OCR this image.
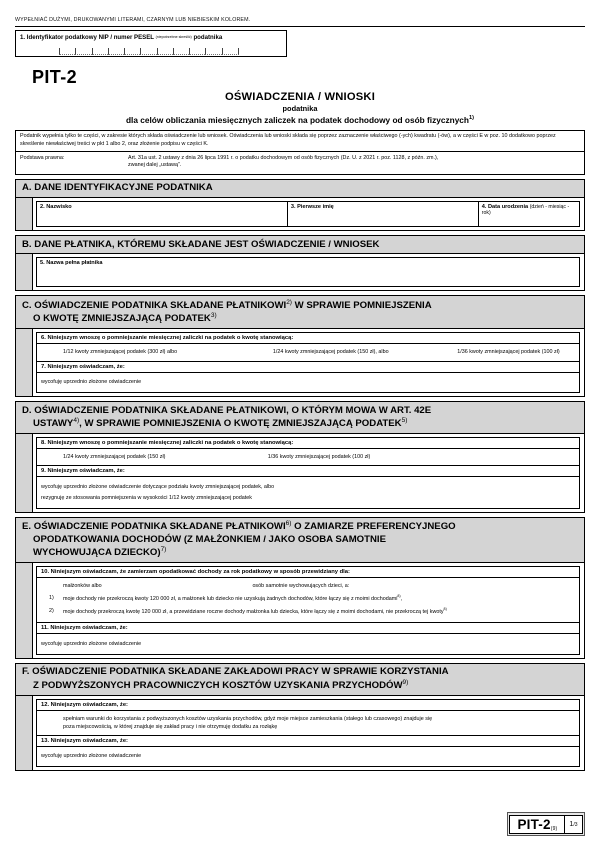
WYPEŁNIAĆ DUŻYMI, DRUKOWANYMI LITERAMI, CZARNYM LUB NIEBIESKIM KOLOREM.
1. Identyfikator podatkowy NIP / numer PESEL (niepotrzebne skreślić) podatnika
PIT-2
OŚWIADCZENIA / WNIOSKI
podatnika
dla celów obliczania miesięcznych zaliczek na podatek dochodowy od osób fizycznych$^{1)}$
Podatnik wypełnia tylko te części, w zakresie których składa oświadczenie lub wniosek. Oświadczenia lub wnioski składa się poprzez zaznaczenie właściwego (-ych) kwadratu (-ów), a w części E w poz. 10 dodatkowo poprzez skreślenie niewłaściwej treści w pkt 1 albo 2, oraz złożenie podpisu w części K.
Podstawa prawna:	Art. 31a ust. 2 ustawy z dnia 26 lipca 1991 r. o podatku dochodowym od osób fizycznych (Dz. U. z 2021 r. poz. 1128, z późn. zm.),
zwanej dalej „ustawą”.
A. DANE IDENTYFIKACYJNE PODATNIKA
2. Nazwisko	3. Pierwsze imię	4. Data urodzenia (dzień - miesiąc - rok)
B. DANE PŁATNIKA, KTÓREMU SKŁADANE JEST OŚWIADCZENIE / WNIOSEK
5. Nazwa pełna płatnika
C. OŚWIADCZENIE PODATNIKA SKŁADANE PŁATNIKOWI$^{2)}$ W SPRAWIE POMNIEJSZENIA
O KWOTĘ ZMNIEJSZAJĄCĄ PODATEK$^{3)}$
6. Niniejszym wnoszę o pomniejszanie miesięcznej zaliczki na podatek o kwotę stanowiącą:
1/12 kwoty zmniejszającej podatek (300 zł) albo	1/24 kwoty zmniejszającej podatek (150 zł), albo	1/36 kwoty zmniejszającej podatek (100 zł)
7. Niniejszym oświadczam, że:
wycofuję uprzednio złożone oświadczenie
D. OŚWIADCZENIE PODATNIKA SKŁADANE PŁATNIKOWI, O KTÓRYM MOWA W ART. 42E
USTAWY$^{4)}$, W SPRAWIE POMNIEJSZENIA O KWOTĘ ZMNIEJSZAJĄCĄ PODATEK$^{5)}$
8. Niniejszym wnoszę o pomniejszanie miesięcznej zaliczki na podatek o kwotę stanowiącą:
1/24 kwoty zmniejszającej podatek (150 zł)	1/36 kwoty zmniejszającej podatek (100 zł)
9. Niniejszym oświadczam, że:
wycofuję uprzednio złożone oświadczenie dotyczące podziału kwoty zmniejszającej podatek, albo
rezygnuję ze stosowania pomniejszenia w wysokości 1/12 kwoty zmniejszającej podatek
E. OŚWIADCZENIE PODATNIKA SKŁADANE PŁATNIKOWI$^{6)}$ O ZAMIARZE PREFERENCYJNEGO
OPODATKOWANIA DOCHODÓW (Z MAŁŻONKIEM / JAKO OSOBA SAMOTNIE
WYCHOWUJĄCA DZIECKO)$^{7)}$
10. Niniejszym oświadczam, że zamierzam opodatkować dochody za rok podatkowy w sposób przewidziany dla:
małżonków albo	osób samotnie wychowujących dzieci, a:
1)	moje dochody nie przekroczą kwoty 120 000 zł, a małżonek lub dziecko nie uzyskują żadnych dochodów, które łączy się z moimi dochodami$^{8)}$,
2)	moje dochody przekroczą kwotę 120 000 zł, a przewidziane roczne dochody małżonka lub dziecka, które łączy się z moimi dochodami, nie przekroczą tej kwoty$^{8)}$
11. Niniejszym oświadczam, że:
wycofuję uprzednio złożone oświadczenie
F. OŚWIADCZENIE PODATNIKA SKŁADANE ZAKŁADOWI PRACY W SPRAWIE KORZYSTANIA
Z PODWYŻSZONYCH PRACOWNICZYCH KOSZTÓW UZYSKANIA PRZYCHODÓW$^{9)}$
12. Niniejszym oświadczam, że:
spełniam warunki do korzystania z podwyższonych kosztów uzyskania przychodów, gdyż moje miejsce zamieszkania (stałego lub czasowego) znajduje się
poza miejscowością, w której znajduje się zakład pracy i nie otrzymuję dodatku za rozłąkę
13. Niniejszym oświadczam, że:
wycofuję uprzednio złożone oświadczenie
PIT-$2_{(9)}$
1 / 3
